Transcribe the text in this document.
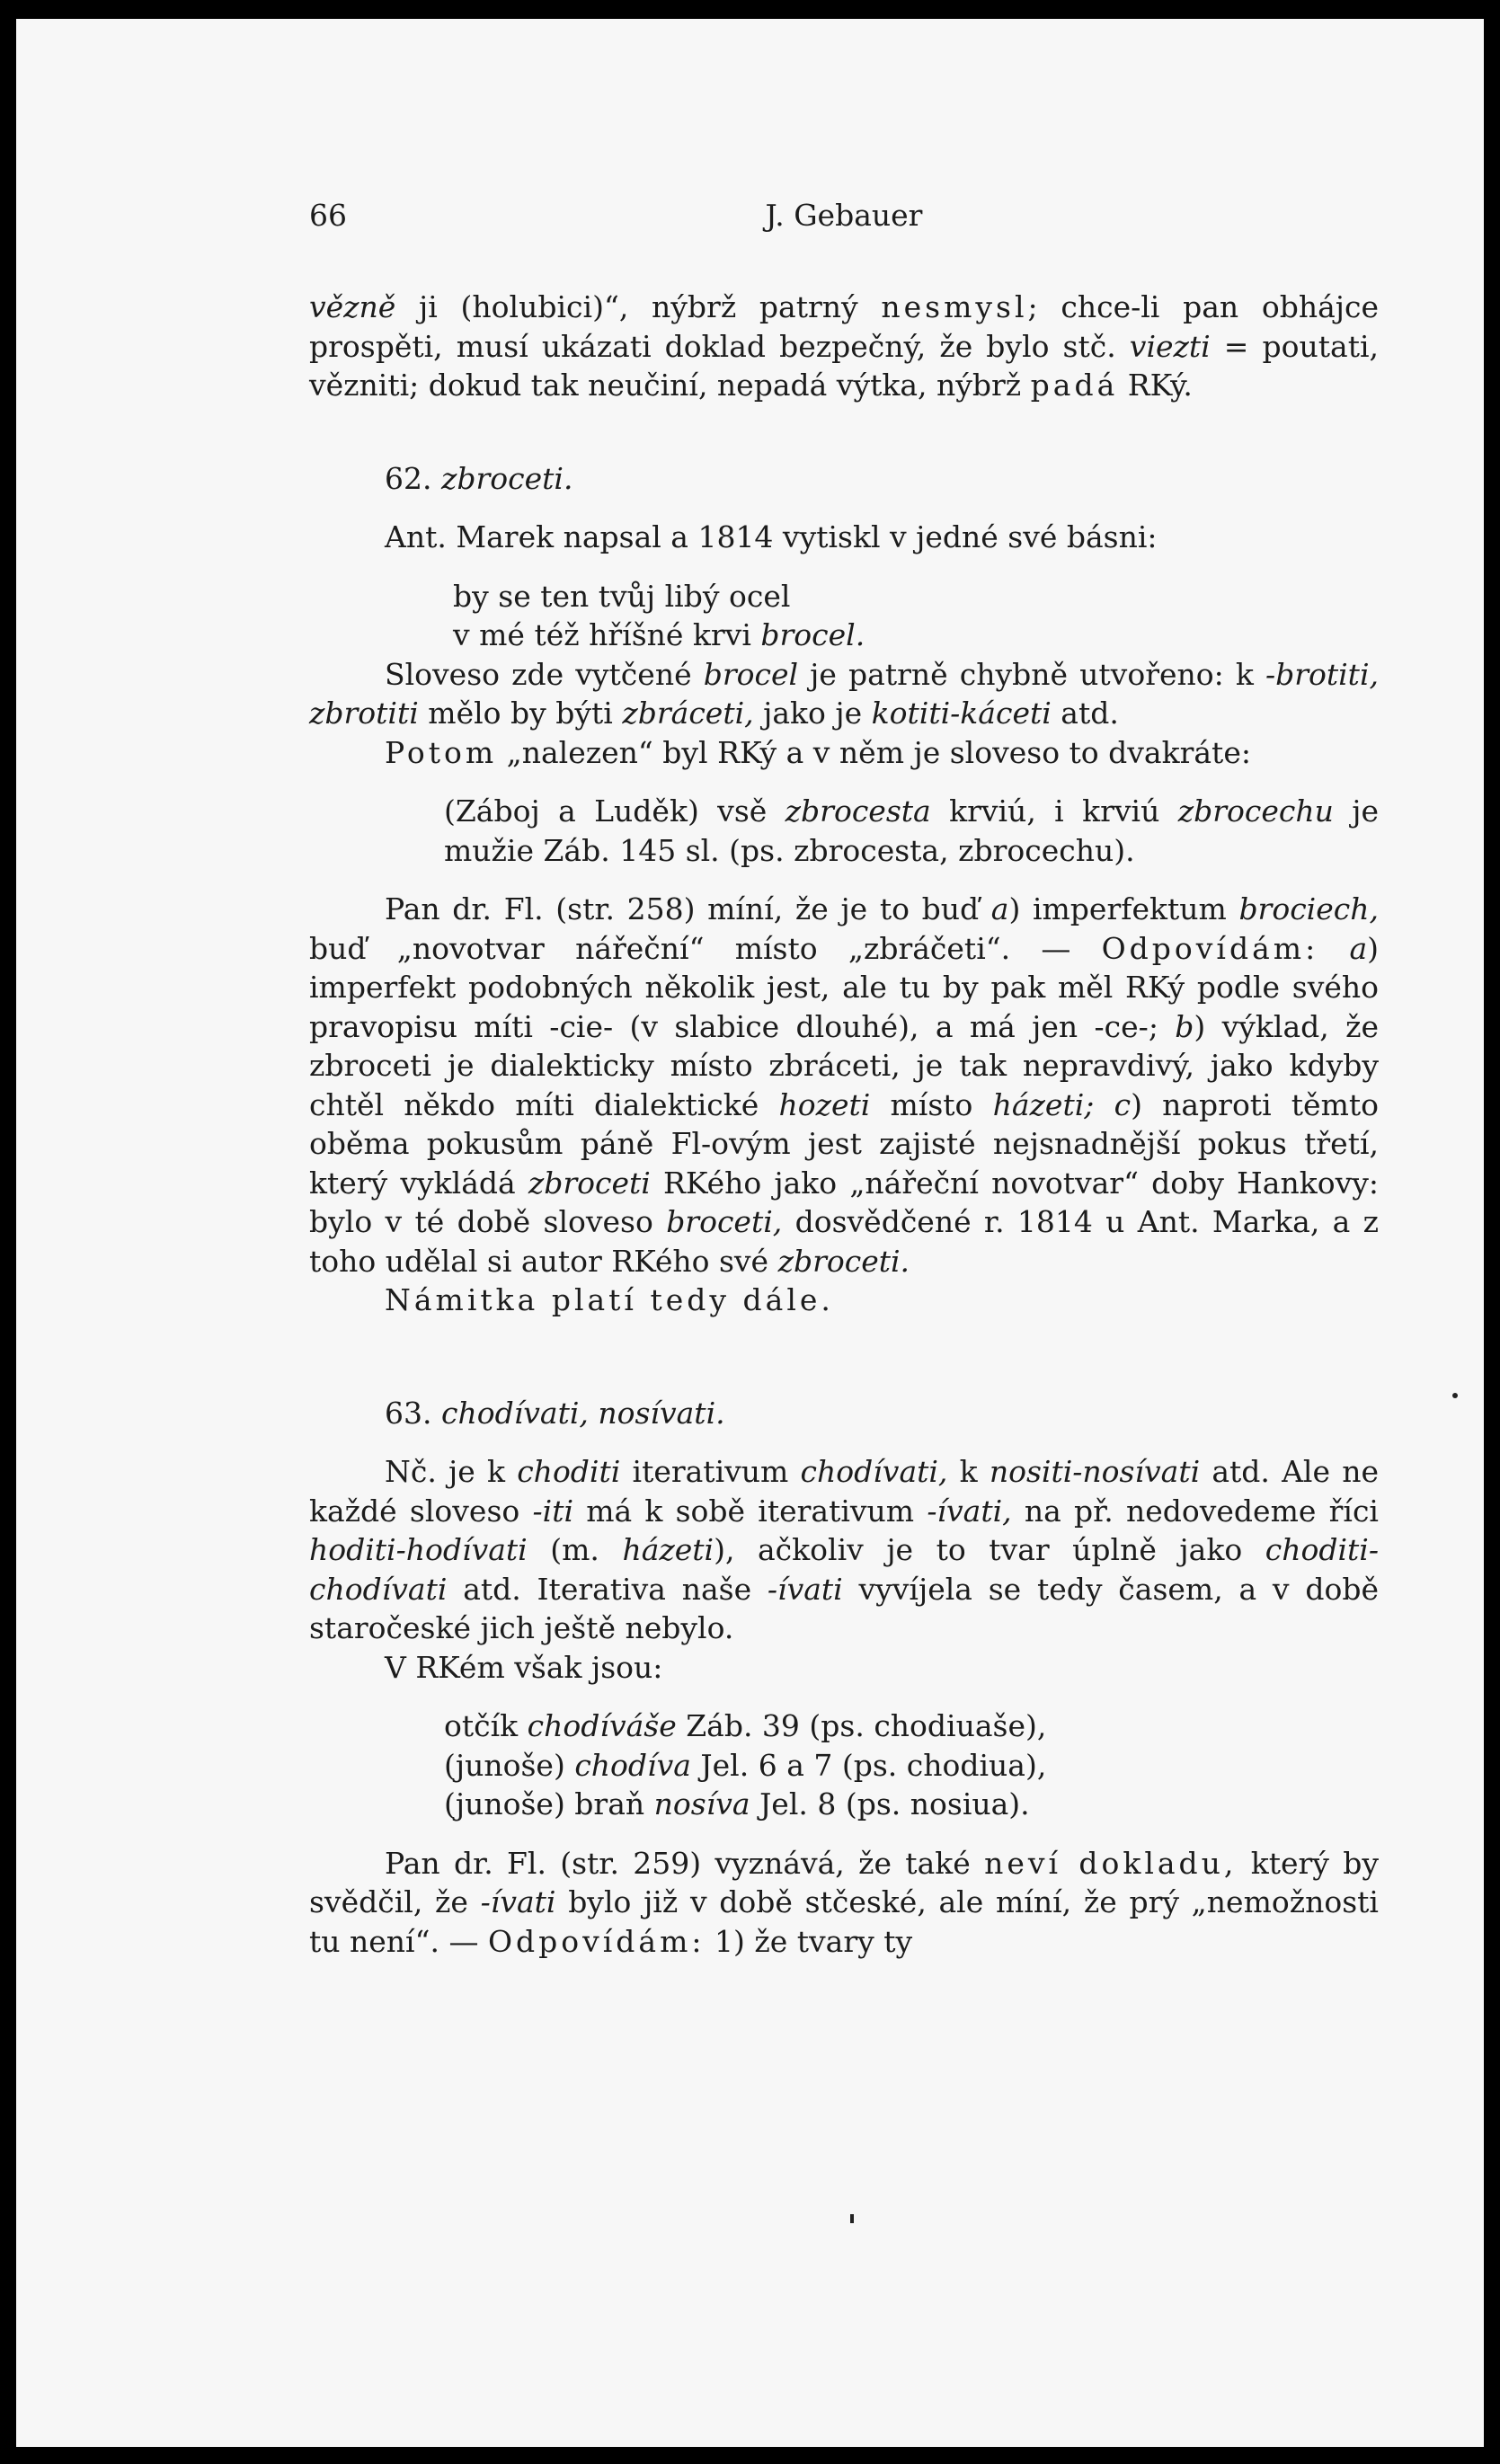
66	J. Gebauer

vězně ji (holubici)“, nýbrž patrný nesmysl; chce-li pan obhájce prospěti, musí ukázati doklad bezpečný, že bylo stč. viezti = poutati, vězniti; dokud tak neučiní, nepadá výtka, nýbrž padá RKý.

62. zbroceti.

Ant. Marek napsal a 1814 vytiskl v jedné své básni:

by se ten tvůj libý ocel
v mé též hříšné krvi brocel.

Sloveso zde vytčené brocel je patrně chybně utvořeno: k -brotiti, zbrotiti mělo by býti zbráceti, jako je kotiti-káceti atd.

Potom „nalezen“ byl RKý a v něm je sloveso to dvakráte:

(Záboj a Luděk) vsě zbrocesta krviú, i krviú zbrocechu je mužie Záb. 145 sl. (ps. zbrocesta, zbrocechu).

Pan dr. Fl. (str. 258) míní, že je to buď a) imperfektum brociech, buď „novotvar nářeční“ místo „zbráčeti“. — Odpovídám: a) imperfekt podobných několik jest, ale tu by pak měl RKý podle svého pravopisu míti -cie- (v slabice dlouhé), a má jen -ce-; b) výklad, že zbroceti je dialekticky místo zbráceti, je tak nepravdivý, jako kdyby chtěl někdo míti dialektické hozeti místo házeti; c) naproti těmto oběma pokusům páně Fl-ovým jest zajisté nejsnadnější pokus třetí, který vykládá zbroceti RKého jako „nářeční novotvar“ doby Hankovy: bylo v té době sloveso broceti, dosvědčené r. 1814 u Ant. Marka, a z toho udělal si autor RKého své zbroceti.

Námitka platí tedy dále.

63. chodívati, nosívati.

Nč. je k choditi iterativum chodívati, k nositi-nosívati atd. Ale ne každé sloveso -iti má k sobě iterativum -ívati, na př. nedovedeme říci hoditi-hodívati (m. házeti), ačkoliv je to tvar úplně jako choditi-chodívati atd. Iterativa naše -ívati vyvíjela se tedy časem, a v době staročeské jich ještě nebylo.

V RKém však jsou:

otčík chodíváše Záb. 39 (ps. chodiuaše),
(junoše) chodíva Jel. 6 a 7 (ps. chodiua),
(junoše) braň nosíva Jel. 8 (ps. nosiua).

Pan dr. Fl. (str. 259) vyznává, že také neví dokladu, který by svědčil, že -ívati bylo již v době stčeské, ale míní, že prý „nemožnosti tu není“. — Odpovídám: 1) že tvary ty
